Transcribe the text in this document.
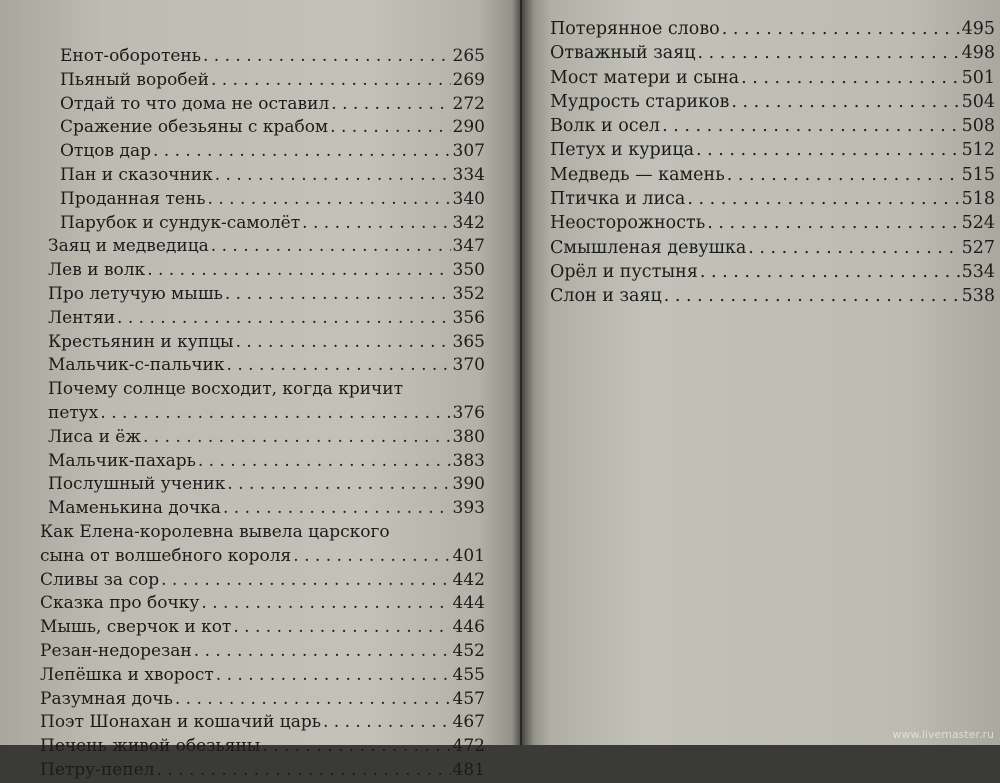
Енот-оборотень . . .	265
Пьяный воробей . . .	269
Отдай то что дома не оставил . . .	272
Сражение обезьяны с крабом . . .	290
Отцов дар . . .	307
Пан и сказочник . . .	334
Проданная тень . . .	340
Парубок и сундук-самолёт . . .	342
Заяц и медведица . . .	347
Лев и волк . . .	350
Про летучую мышь . . .	352
Лентяи . . .	356
Крестьянин и купцы . . .	365
Мальчик-с-пальчик . . .	370
Почему солнце восходит, когда кричит
петух . . .	376
Лиса и ёж . . .	380
Мальчик-пахарь . . .	383
Послушный ученик . . .	390
Маменькина дочка . . .	393
Как Елена-королевна вывела царского
сына от волшебного короля . . .	401
Сливы за сор . . .	442
Сказка про бочку . . .	444
Мышь, сверчок и кот . . .	446
Резан-недорезан . . .	452
Лепёшка и хворост . . .	455
Разумная дочь . . .	457
Поэт Шонахан и кошачий царь . . .	467
Печень живой обезьяны . . .	472
Петру-пепел . . .	481
Потерянное слово . . .	495
Отважный заяц . . .	498
Мост матери и сына . . .	501
Мудрость стариков . . .	504
Волк и осел . . .	508
Петух и курица . . .	512
Медведь — камень . . .	515
Птичка и лиса . . .	518
Неосторожность . . .	524
Смышленая девушка . . .	527
Орёл и пустыня . . .	534
Слон и заяц . . .	538

www.livemaster.ru
